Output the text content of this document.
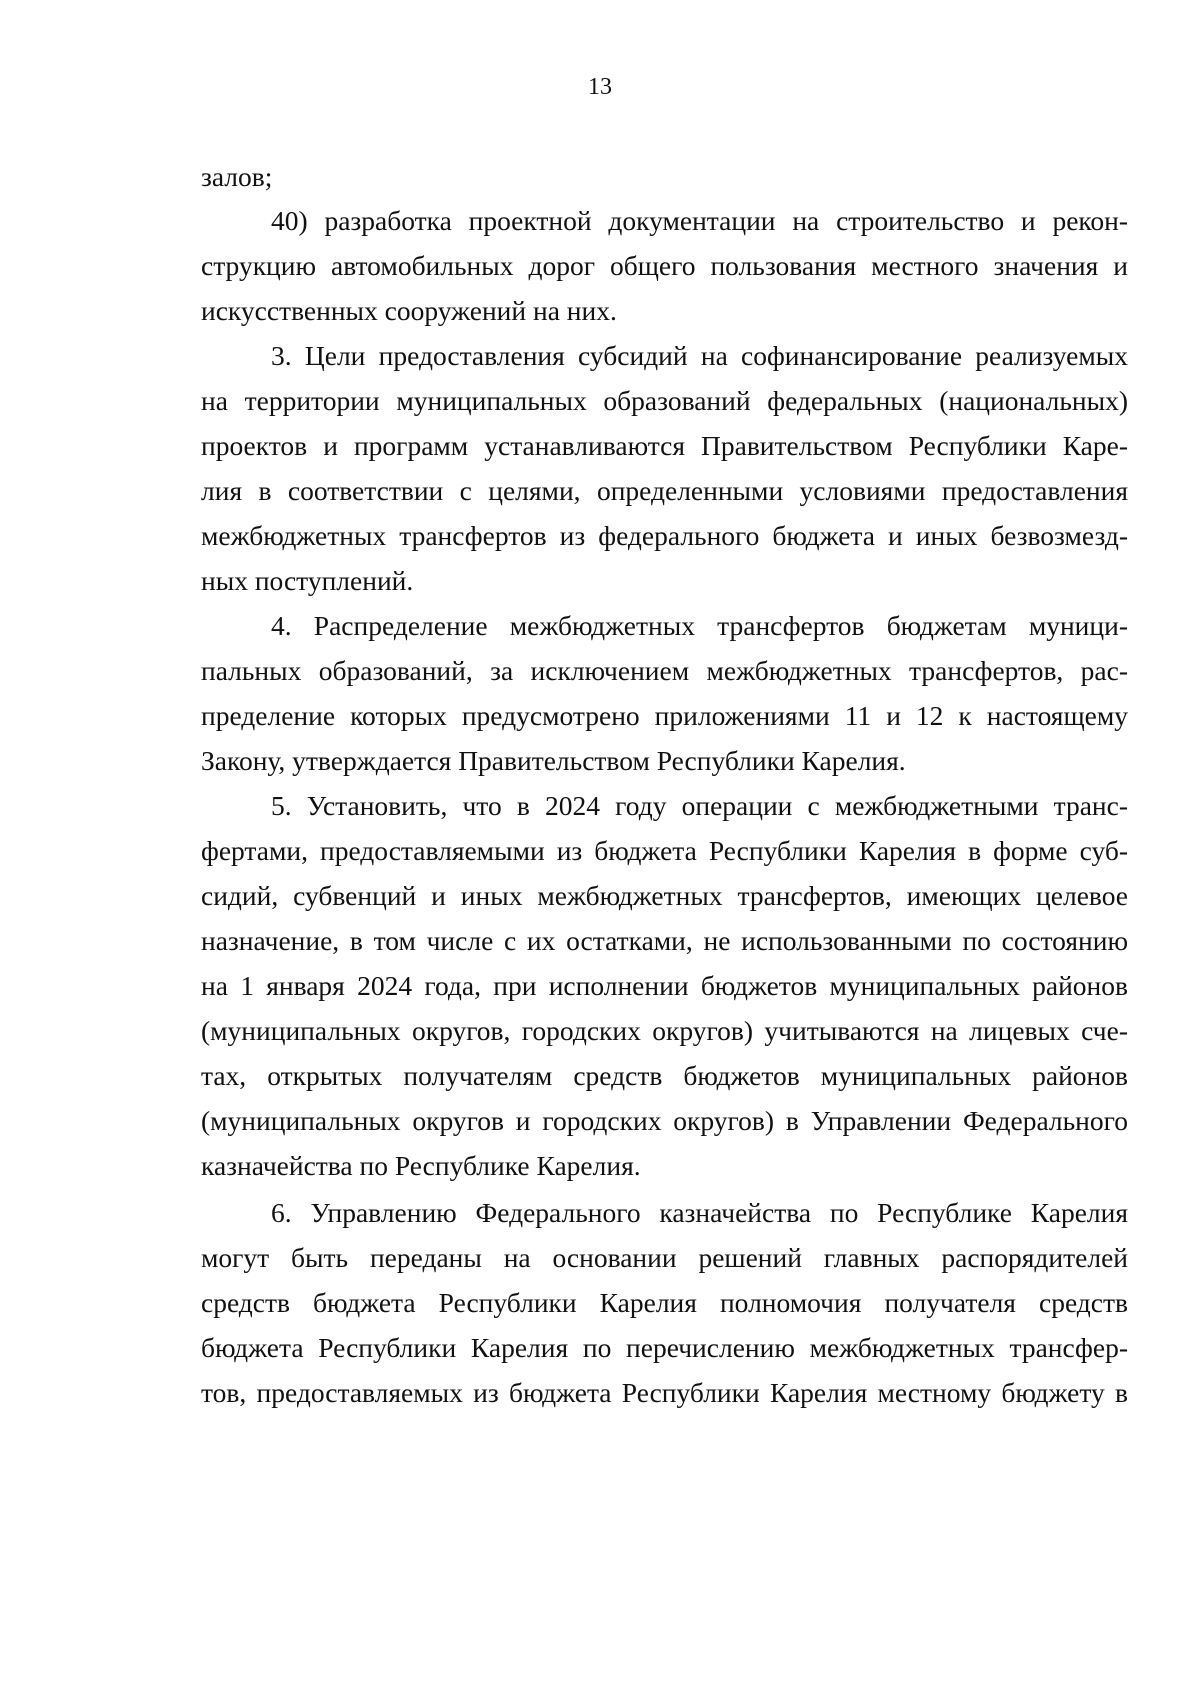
13
залов;
40) разработка проектной документации на строительство и рекон-
струкцию автомобильных дорог общего пользования местного значения и
искусственных сооружений на них.
3. Цели предоставления субсидий на софинансирование реализуемых
на территории муниципальных образований федеральных (национальных)
проектов и программ устанавливаются Правительством Республики Каре-
лия в соответствии с целями, определенными условиями предоставления
межбюджетных трансфертов из федерального бюджета и иных безвозмезд-
ных поступлений.
4. Распределение межбюджетных трансфертов бюджетам муници-
пальных образований, за исключением межбюджетных трансфертов, рас-
пределение которых предусмотрено приложениями 11 и 12 к настоящему
Закону, утверждается Правительством Республики Карелия.
5. Установить, что в 2024 году операции с межбюджетными транс-
фертами, предоставляемыми из бюджета Республики Карелия в форме суб-
сидий, субвенций и иных межбюджетных трансфертов, имеющих целевое
назначение, в том числе с их остатками, не использованными по состоянию
на 1 января 2024 года, при исполнении бюджетов муниципальных районов
(муниципальных округов, городских округов) учитываются на лицевых сче-
тах, открытых получателям средств бюджетов муниципальных районов
(муниципальных округов и городских округов) в Управлении Федерального
казначейства по Республике Карелия.
6. Управлению Федерального казначейства по Республике Карелия
могут быть переданы на основании решений главных распорядителей
средств бюджета Республики Карелия полномочия получателя средств
бюджета Республики Карелия по перечислению межбюджетных трансфер-
тов, предоставляемых из бюджета Республики Карелия местному бюджету в
